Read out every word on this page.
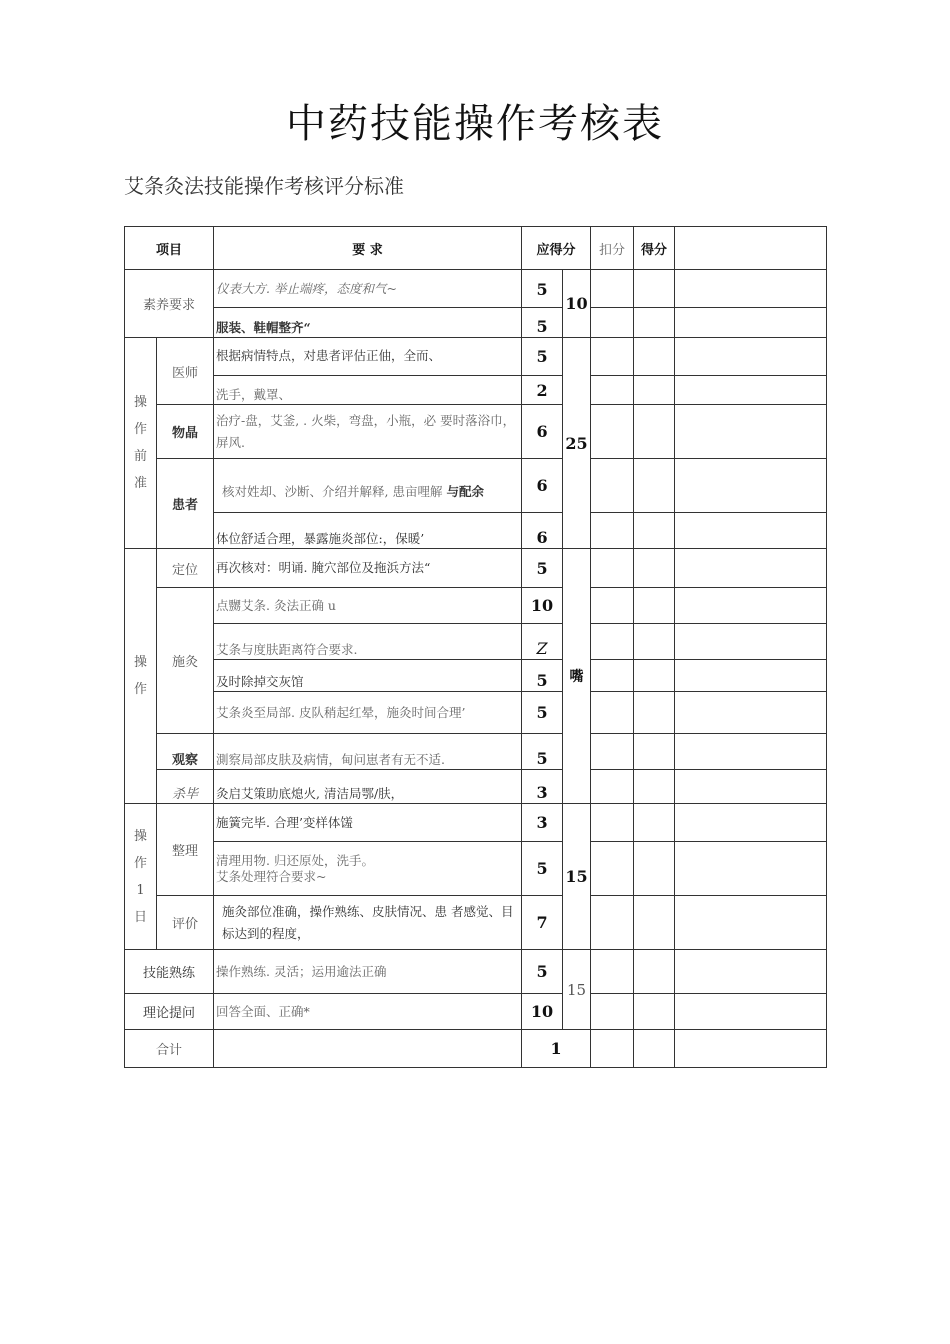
中药技能操作考核表
艾条灸法技能操作考核评分标准
项目		要 求	应得分		扣分	得分	
素养要求		仪表大方. 举止端疼，态度和气~	5	10			
		服装、鞋帽整齐“	5				

操
作
前
准	医师	根据病情特点，对患者评估正伷，全而、	5	25			
		洗手，戴罩、	2				
	物晶	治疗-盘，艾釜, . 火柴，弯盘，小瓶，必 要时落浴巾，屏风.	6				
	患者	核对姓却、沙断、介绍并解释, 患亩哩解 与配余	6				
		体位舒适合理，暴露施炎部位:，保暖’	6				

操
作	定位	再次核对：明诵. 腌穴部位及拖浜方法“	5	嘴			
	施灸	点嬲艾条. 灸法正确 u	10				
		艾条与度肤距离符合要求.	Z				
		及时除掉交灰馆	5				
		艾条炎至局部. 皮队稍起红晕，施灸时间合理’	5				
	观察	測察局部皮肤及病情，甸问崽者有无不适.	5				
	杀毕	灸启艾策助底熄火, 清洁局鄂/肤，	3				

操
作
1
日	整理	施簧完毕. 合理’变样体馐	3	15			

		清理用物. 归还原处，洗手。
艾条处理符合要求~	5				
	评价	施灸部位准确，操作熟练、皮肤情况、患 者感觉、目标达到的程度，	7				
技能熟练		操作熟练. 灵活；运用逾法正确	5	15			
理论提问		回答全面、正确*	10				
合计			1				
